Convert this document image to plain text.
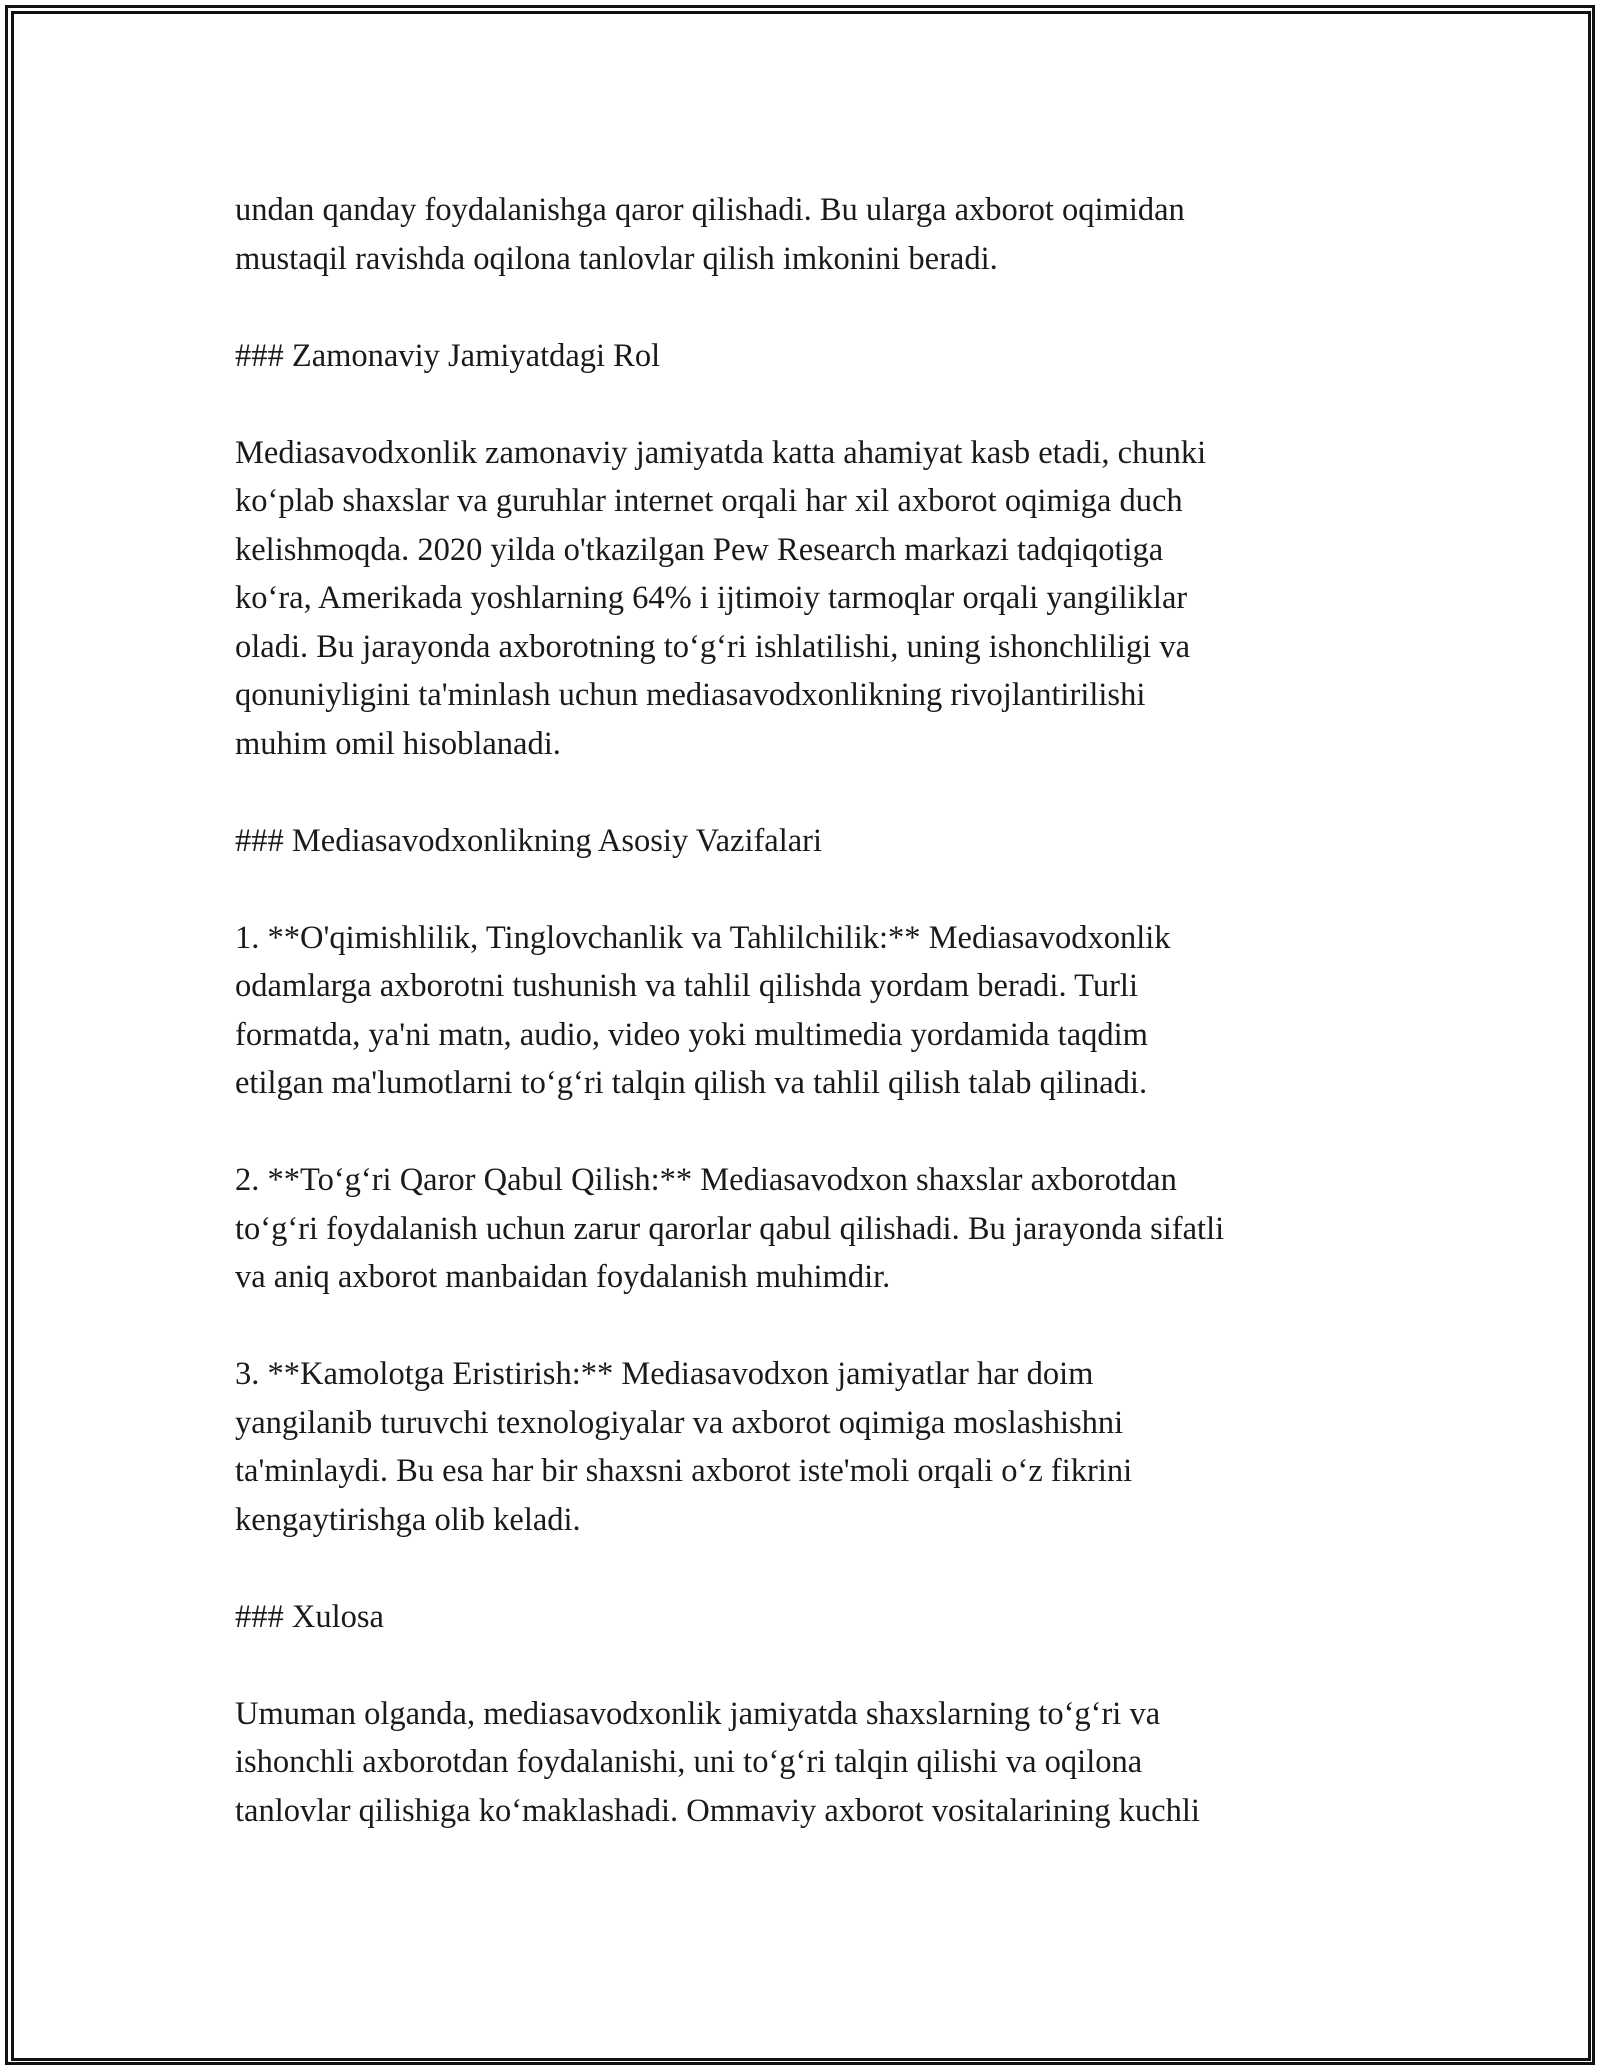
undan qanday foydalanishga qaror qilishadi. Bu ularga axborot oqimidan
mustaqil ravishda oqilona tanlovlar qilish imkonini beradi.
### Zamonaviy Jamiyatdagi Rol
Mediasavodxonlik zamonaviy jamiyatda katta ahamiyat kasb etadi, chunki
ko‘plab shaxslar va guruhlar internet orqali har xil axborot oqimiga duch
kelishmoqda. 2020 yilda o'tkazilgan Pew Research markazi tadqiqotiga
ko‘ra, Amerikada yoshlarning 64% i ijtimoiy tarmoqlar orqali yangiliklar
oladi. Bu jarayonda axborotning to‘g‘ri ishlatilishi, uning ishonchliligi va
qonuniyligini ta'minlash uchun mediasavodxonlikning rivojlantirilishi
muhim omil hisoblanadi.
### Mediasavodxonlikning Asosiy Vazifalari
1. **O'qimishlilik, Tinglovchanlik va Tahlilchilik:** Mediasavodxonlik
odamlarga axborotni tushunish va tahlil qilishda yordam beradi. Turli
formatda, ya'ni matn, audio, video yoki multimedia yordamida taqdim
etilgan ma'lumotlarni to‘g‘ri talqin qilish va tahlil qilish talab qilinadi.
2. **To‘g‘ri Qaror Qabul Qilish:** Mediasavodxon shaxslar axborotdan
to‘g‘ri foydalanish uchun zarur qarorlar qabul qilishadi. Bu jarayonda sifatli
va aniq axborot manbaidan foydalanish muhimdir.
3. **Kamolotga Eristirish:** Mediasavodxon jamiyatlar har doim
yangilanib turuvchi texnologiyalar va axborot oqimiga moslashishni
ta'minlaydi. Bu esa har bir shaxsni axborot iste'moli orqali o‘z fikrini
kengaytirishga olib keladi.
### Xulosa
Umuman olganda, mediasavodxonlik jamiyatda shaxslarning to‘g‘ri va
ishonchli axborotdan foydalanishi, uni to‘g‘ri talqin qilishi va oqilona
tanlovlar qilishiga ko‘maklashadi. Ommaviy axborot vositalarining kuchli
